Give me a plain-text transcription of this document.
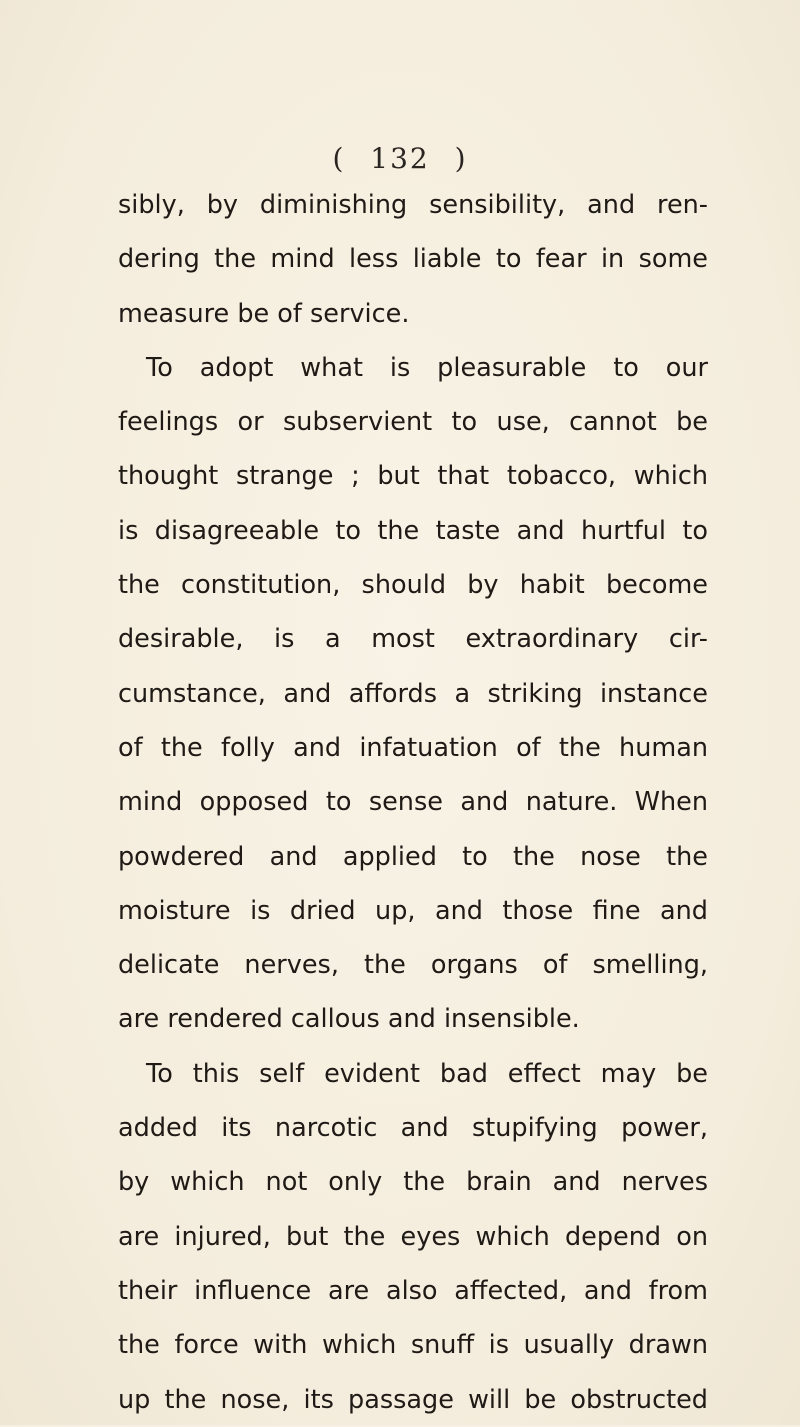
( 132 )
sibly, by diminishing sensibility, and ren-
dering the mind less liable to fear in some
measure be of service.
To adopt what is pleasurable to our
feelings or subservient to use, cannot be
thought strange ; but that tobacco, which
is disagreeable to the taste and hurtful to
the constitution, should by habit become
desirable, is a most extraordinary cir-
cumstance, and affords a striking instance
of the folly and infatuation of the human
mind opposed to sense and nature. When
powdered and applied to the nose the
moisture is dried up, and those fine and
delicate nerves, the organs of smelling,
are rendered callous and insensible.
To this self evident bad effect may be
added its narcotic and stupifying power,
by which not only the brain and nerves
are injured, but the eyes which depend on
their influence are also affected, and from
the force with which snuff is usually drawn
up the nose, its passage will be obstructed
